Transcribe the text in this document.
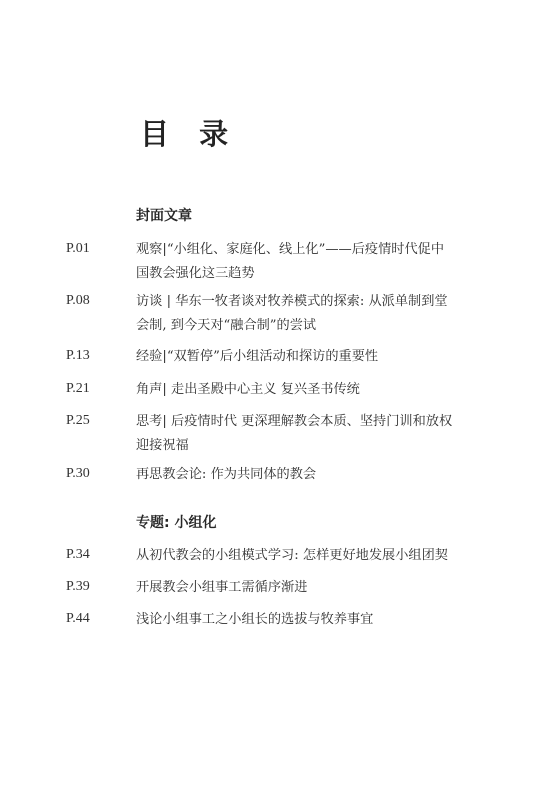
目 录
封面文章
P.01	观察|“小组化、家庭化、线上化”——后疫情时代促中
国教会强化这三趋势
P.08	访谈 | 华东一牧者谈对牧养模式的探索: 从派单制到堂
会制, 到今天对“融合制”的尝试
P.13	经验|“双暂停”后小组活动和探访的重要性
P.21	角声| 走出圣殿中心主义 复兴圣书传统
P.25	思考| 后疫情时代 更深理解教会本质、坚持门训和放权
迎接祝福
P.30	再思教会论: 作为共同体的教会
专题: 小组化
P.34	从初代教会的小组模式学习: 怎样更好地发展小组团契
P.39	开展教会小组事工需循序渐进
P.44	浅论小组事工之小组长的选拔与牧养事宜
